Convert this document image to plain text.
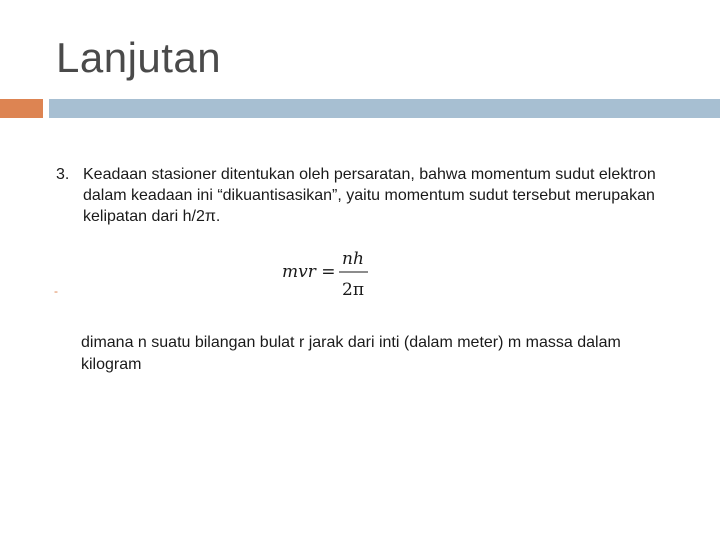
Lanjutan
3. Keadaan stasioner ditentukan oleh persaratan, bahwa momentum sudut elektron dalam keadaan ini “dikuantisasikan”, yaitu momentum sudut tersebut merupakan kelipatan dari h/2π.
-
mvr =
nh
2π
dimana n suatu bilangan bulat r jarak dari inti (dalam meter) m massa dalam kilogram
